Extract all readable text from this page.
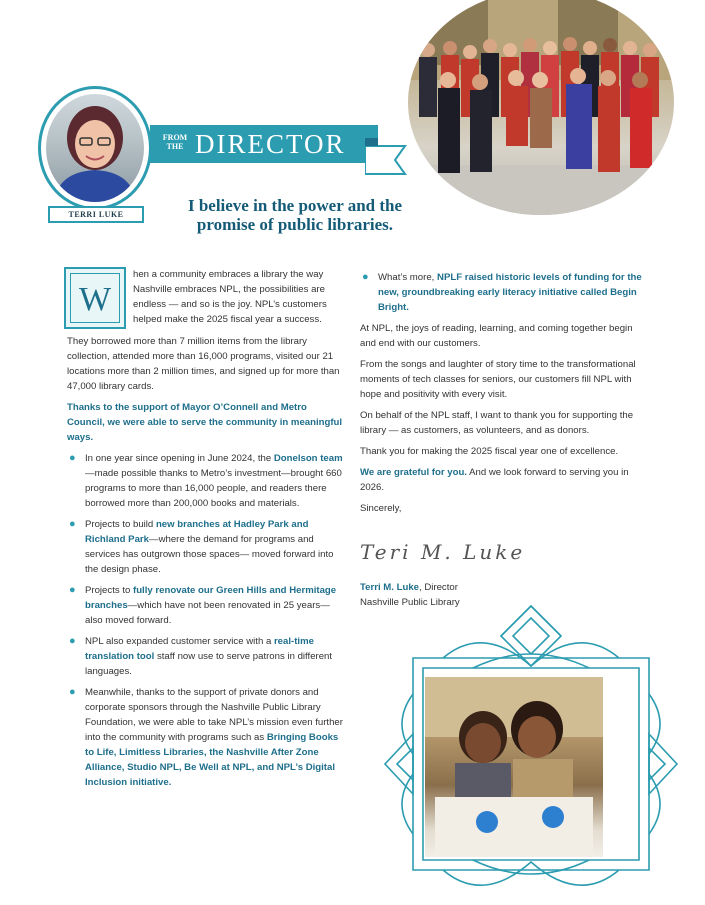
TERRI LUKE
FROM THE DIRECTOR
I believe in the power and the promise of public libraries.
W

hen a community embraces a library the way Nashville embraces NPL, the possibilities are endless — and so is the joy. NPL’s customers helped make the 2025 fiscal year a success.

They borrowed more than 7 million items from the library collection, attended more than 16,000 programs, visited our 21 locations more than 2 million times, and signed up for more than 47,000 library cards.

Thanks to the support of Mayor O’Connell and Metro Council, we were able to serve the community in meaningful ways.

● In one year since opening in June 2024, the Donelson team—made possible thanks to Metro’s investment—brought 660 programs to more than 16,000 people, and readers there borrowed more than 200,000 books and materials.
● Projects to build new branches at Hadley Park and Richland Park—where the demand for programs and services has outgrown those spaces— moved forward into the design phase.
● Projects to fully renovate our Green Hills and Hermitage branches—which have not been renovated in 25 years—also moved forward.
● NPL also expanded customer service with a real-time translation tool staff now use to serve patrons in different languages.
● Meanwhile, thanks to the support of private donors and corporate sponsors through the Nashville Public Library Foundation, we were able to take NPL’s mission even further into the community with programs such as Bringing Books to Life, Limitless Libraries, the Nashville After Zone Alliance, Studio NPL, Be Well at NPL, and NPL’s Digital Inclusion initiative.
● What’s more, NPLF raised historic levels of funding for the new, groundbreaking early literacy initiative called Begin Bright.

At NPL, the joys of reading, learning, and coming together begin and end with our customers.

From the songs and laughter of story time to the transformational moments of tech classes for seniors, our customers fill NPL with hope and positivity with every visit.

On behalf of the NPL staff, I want to thank you for supporting the library — as customers, as volunteers, and as donors.

Thank you for making the 2025 fiscal year one of excellence.

We are grateful for you. And we look forward to serving you in 2026.

Sincerely,

Teri M. Luke
Terri M. Luke, Director
Nashville Public Library
